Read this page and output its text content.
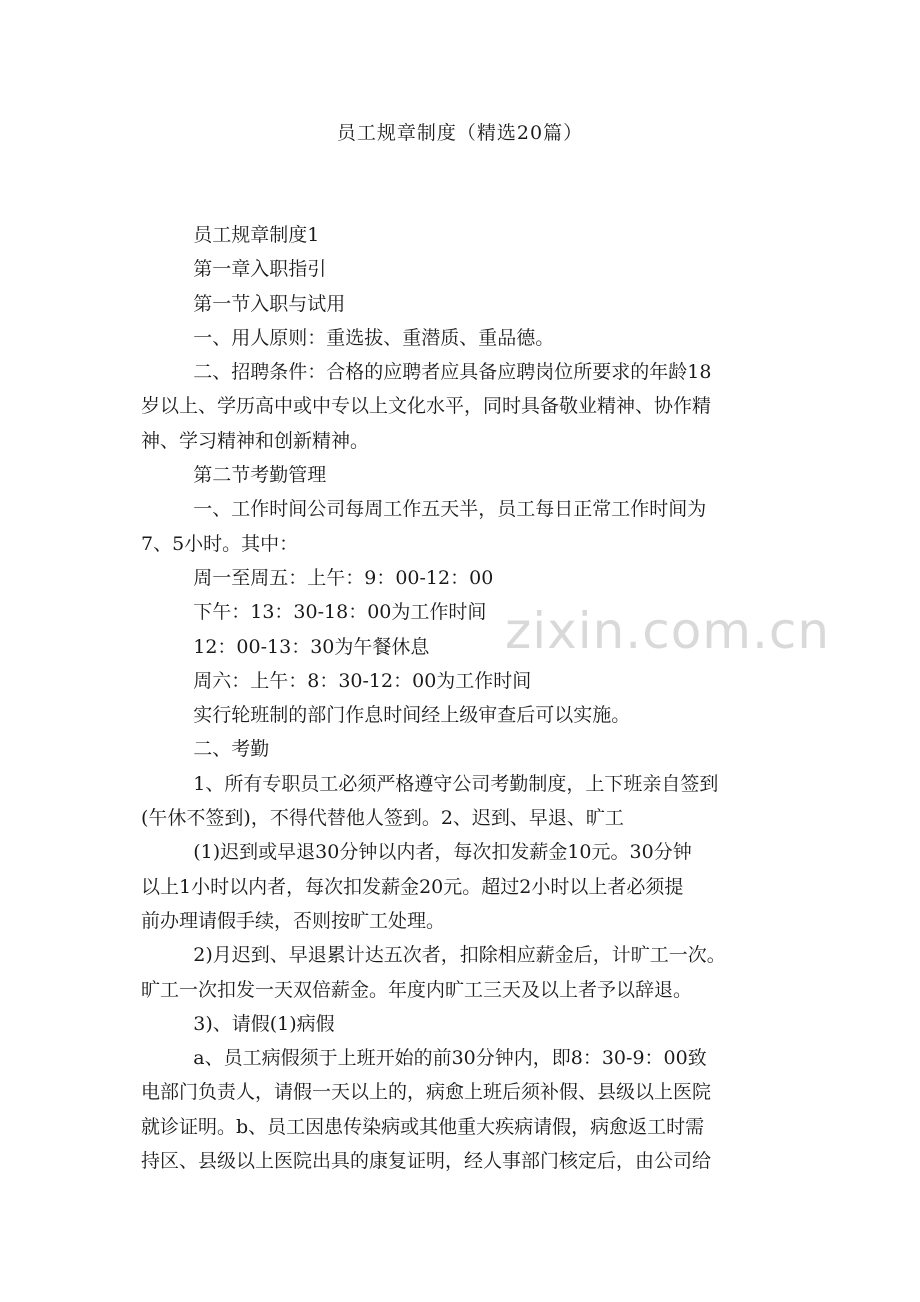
员工规章制度（精选20篇）

员工规章制度1

第一章入职指引

第一节入职与试用

一、用人原则：重选拔、重潜质、重品德。

二、招聘条件：合格的应聘者应具备应聘岗位所要求的年龄18

岁以上、学历高中或中专以上文化水平，同时具备敬业精神、协作精

神、学习精神和创新精神。

第二节考勤管理

一、工作时间公司每周工作五天半，员工每日正常工作时间为

7、5小时。其中：

周一至周五：上午：9：00-12：00

下午：13：30-18：00为工作时间

12：00-13：30为午餐休息

周六：上午：8：30-12：00为工作时间

实行轮班制的部门作息时间经上级审查后可以实施。

二、考勤

1、所有专职员工必须严格遵守公司考勤制度，上下班亲自签到

(午休不签到)，不得代替他人签到。2、迟到、早退、旷工

(1)迟到或早退30分钟以内者，每次扣发薪金10元。30分钟

以上1小时以内者，每次扣发薪金20元。超过2小时以上者必须提

前办理请假手续，否则按旷工处理。

2)月迟到、早退累计达五次者，扣除相应薪金后，计旷工一次。

旷工一次扣发一天双倍薪金。年度内旷工三天及以上者予以辞退。

3)、请假(1)病假

a、员工病假须于上班开始的前30分钟内，即8：30-9：00致

电部门负责人，请假一天以上的，病愈上班后须补假、县级以上医院

就诊证明。b、员工因患传染病或其他重大疾病请假，病愈返工时需

持区、县级以上医院出具的康复证明，经人事部门核定后，由公司给

zixin.com.cn
